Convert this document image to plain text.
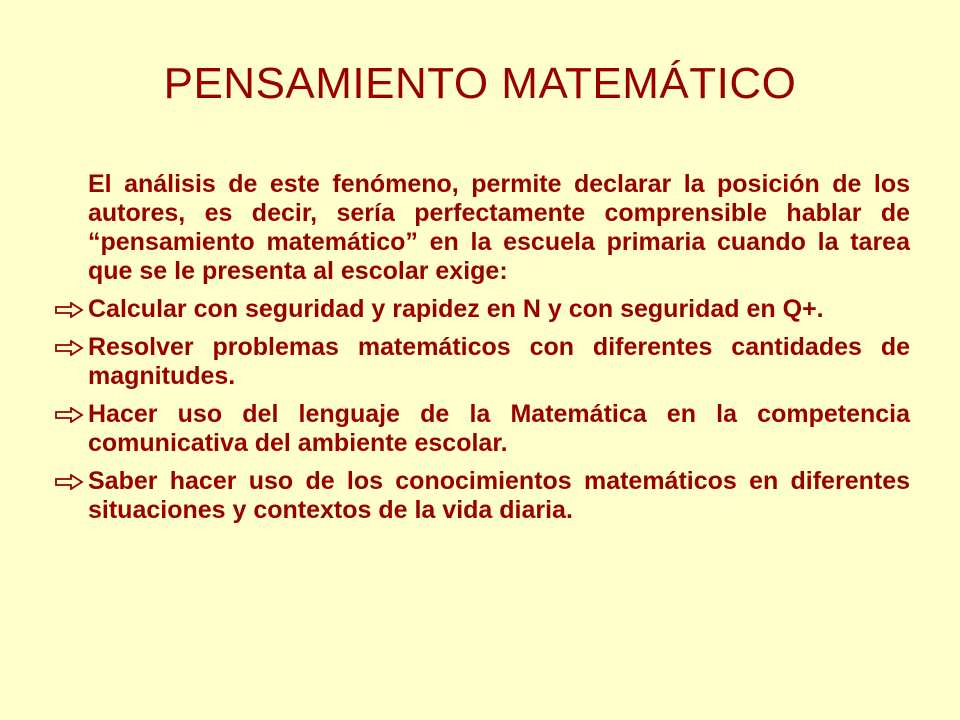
PENSAMIENTO MATEMÁTICO

El análisis de este fenómeno, permite declarar la posición de los autores, es decir, sería perfectamente comprensible hablar de “pensamiento matemático” en la escuela primaria cuando la tarea que se le presenta al escolar exige:

Calcular con seguridad y rapidez en N y con seguridad en Q+.
Resolver problemas matemáticos con diferentes cantidades de magnitudes.
Hacer uso del lenguaje de la Matemática en la competencia comunicativa del ambiente escolar.
Saber hacer uso de los conocimientos matemáticos en diferentes situaciones y contextos de la vida diaria.
